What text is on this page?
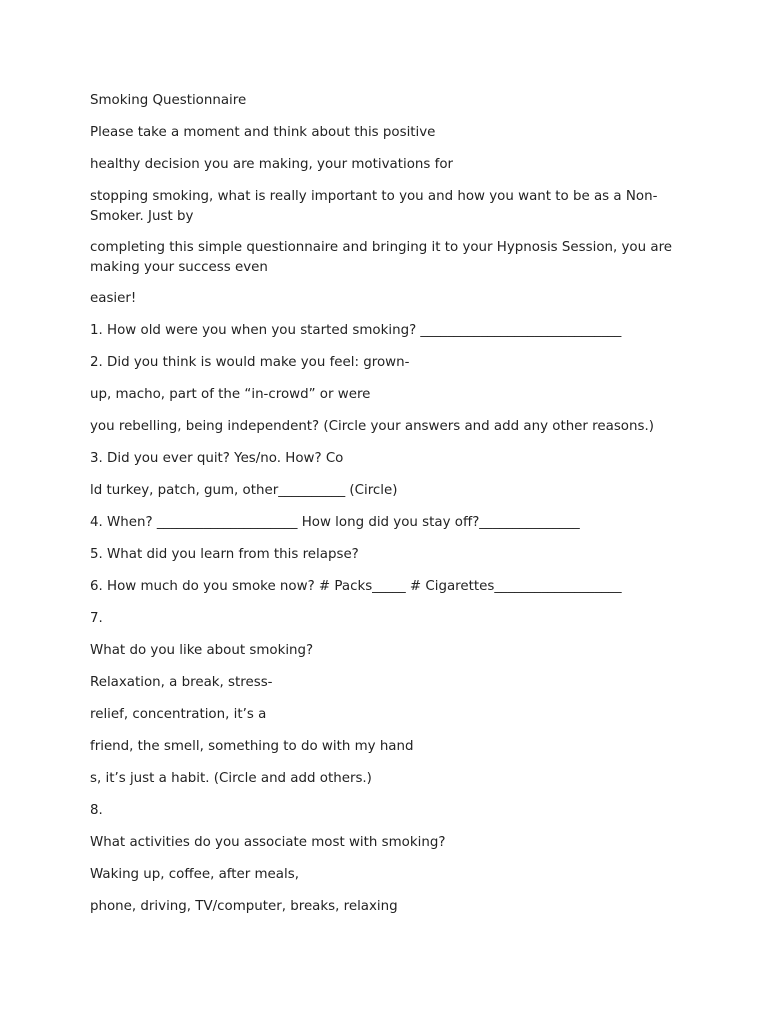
Smoking Questionnaire

Please take a moment and think about this positive

healthy decision you are making, your motivations for

stopping smoking, what is really important to you and how you want to be as a Non-Smoker. Just by

completing this simple questionnaire and bringing it to your Hypnosis Session, you are making your success even

easier!

1. How old were you when you started smoking? ______________________________

2. Did you think is would make you feel: grown-

up, macho, part of the “in-crowd” or were

you rebelling, being independent? (Circle your answers and add any other reasons.)

3. Did you ever quit? Yes/no. How? Co

ld turkey, patch, gum, other__________ (Circle)

4. When? _____________________ How long did you stay off?_______________

5. What did you learn from this relapse?

6. How much do you smoke now? # Packs_____ # Cigarettes___________________

7.

What do you like about smoking?

Relaxation, a break, stress-

relief, concentration, it’s a

friend, the smell, something to do with my hand

s, it’s just a habit. (Circle and add others.)

8.

What activities do you associate most with smoking?

Waking up, coffee, after meals,

phone, driving, TV/computer, breaks, relaxing
